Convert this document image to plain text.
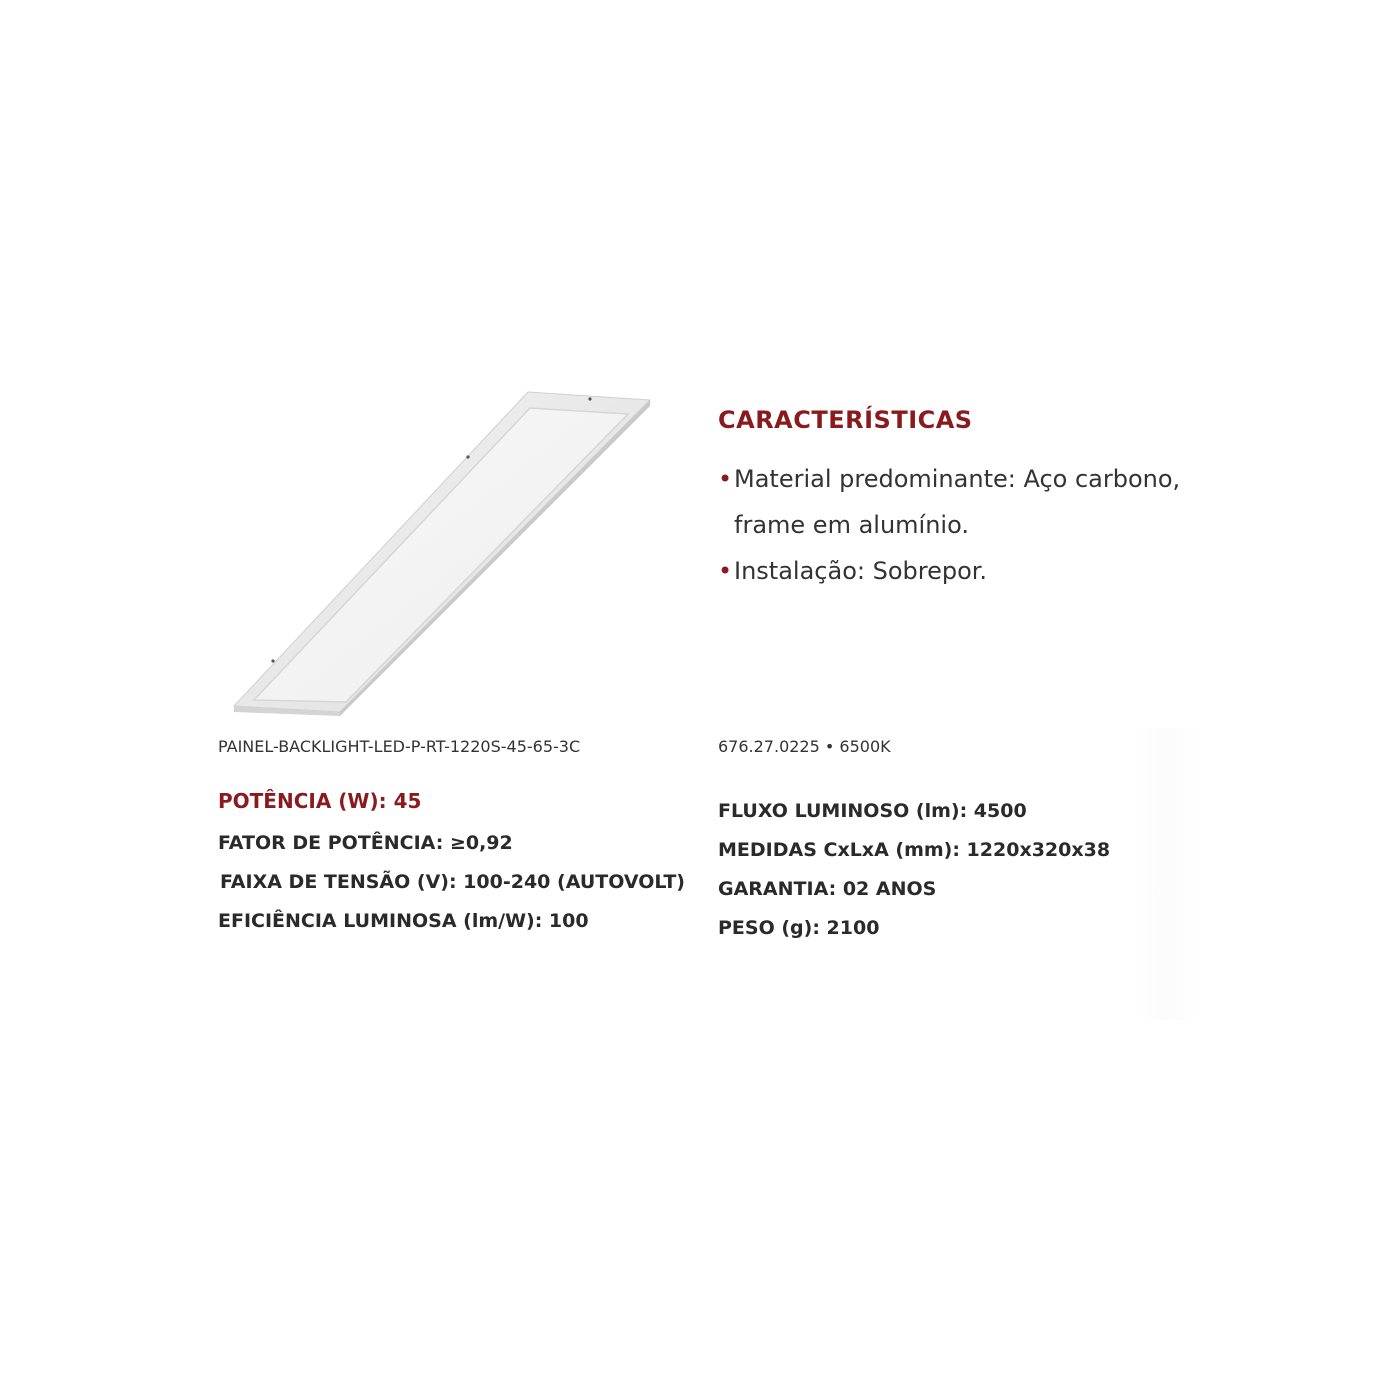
CARACTERÍSTICAS
• Material predominante: Aço carbono,
frame em alumínio.
• Instalação: Sobrepor.
PAINEL-BACKLIGHT-LED-P-RT-1220S-45-65-3C	676.27.0225 • 6500K
POTÊNCIA (W): 45
FATOR DE POTÊNCIA: ≥0,92
FAIXA DE TENSÃO (V): 100-240 (AUTOVOLT)
EFICIÊNCIA LUMINOSA (lm/W): 100
FLUXO LUMINOSO (lm): 4500
MEDIDAS CxLxA (mm): 1220x320x38
GARANTIA: 02 ANOS
PESO (g): 2100
